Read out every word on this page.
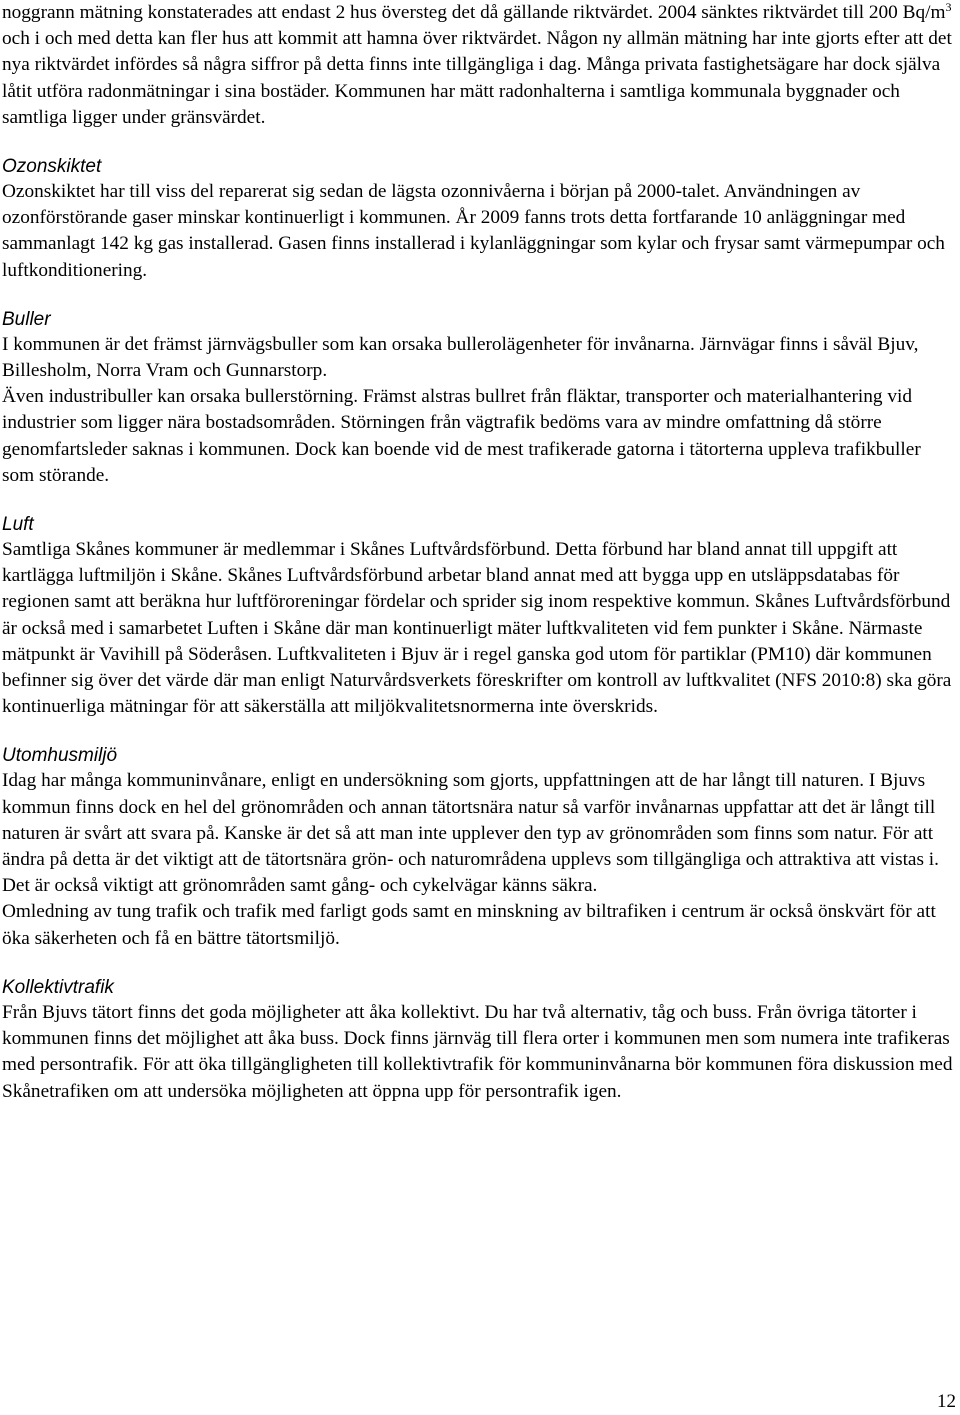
noggrann mätning konstaterades att endast 2 hus översteg det då gällande riktvärdet. 2004 sänktes riktvärdet till 200 $Bq/m^3$ och i och med detta kan fler hus att kommit att hamna över riktvärdet. Någon ny allmän mätning har inte gjorts efter att det nya riktvärdet infördes så några siffror på detta finns inte tillgängliga i dag. Många privata fastighetsägare har dock själva låtit utföra radonmätningar i sina bostäder. Kommunen har mätt radonhalterna i samtliga kommunala byggnader och samtliga ligger under gränsvärdet.

Ozonskiktet

Ozonskiktet har till viss del reparerat sig sedan de lägsta ozonnivåerna i början på 2000-talet. Användningen av ozonförstörande gaser minskar kontinuerligt i kommunen. År 2009 fanns trots detta fortfarande 10 anläggningar med sammanlagt 142 kg gas installerad. Gasen finns installerad i kylanläggningar som kylar och frysar samt värmepumpar och luftkonditionering.

Buller

I kommunen är det främst järnvägsbuller som kan orsaka bullerolägenheter för invånarna. Järnvägar finns i såväl Bjuv, Billesholm, Norra Vram och Gunnarstorp.

Även industribuller kan orsaka bullerstörning. Främst alstras bullret från fläktar, transporter och materialhantering vid industrier som ligger nära bostadsområden. Störningen från vägtrafik bedöms vara av mindre omfattning då större genomfartsleder saknas i kommunen. Dock kan boende vid de mest trafikerade gatorna i tätorterna uppleva trafikbuller som störande.

Luft

Samtliga Skånes kommuner är medlemmar i Skånes Luftvårdsförbund. Detta förbund har bland annat till uppgift att kartlägga luftmiljön i Skåne. Skånes Luftvårdsförbund arbetar bland annat med att bygga upp en utsläppsdatabas för regionen samt att beräkna hur luftföroreningar fördelar och sprider sig inom respektive kommun. Skånes Luftvårdsförbund är också med i samarbetet Luften i Skåne där man kontinuerligt mäter luftkvaliteten vid fem punkter i Skåne. Närmaste mätpunkt är Vavihill på Söderåsen. Luftkvaliteten i Bjuv är i regel ganska god utom för partiklar (PM10) där kommunen befinner sig över det värde där man enligt Naturvårdsverkets föreskrifter om kontroll av luftkvalitet (NFS 2010:8) ska göra kontinuerliga mätningar för att säkerställa att miljökvalitetsnormerna inte överskrids.

Utomhusmiljö

Idag har många kommuninvånare, enligt en undersökning som gjorts, uppfattningen att de har långt till naturen. I Bjuvs kommun finns dock en hel del grönområden och annan tätortsnära natur så varför invånarnas uppfattar att det är långt till naturen är svårt att svara på. Kanske är det så att man inte upplever den typ av grönområden som finns som natur. För att ändra på detta är det viktigt att de tätortsnära grön- och naturområdena upplevs som tillgängliga och attraktiva att vistas i. Det är också viktigt att grönområden samt gång- och cykelvägar känns säkra.

Omledning av tung trafik och trafik med farligt gods samt en minskning av biltrafiken i centrum är också önskvärt för att öka säkerheten och få en bättre tätortsmiljö.

Kollektivtrafik

Från Bjuvs tätort finns det goda möjligheter att åka kollektivt. Du har två alternativ, tåg och buss. Från övriga tätorter i kommunen finns det möjlighet att åka buss. Dock finns järnväg till flera orter i kommunen men som numera inte trafikeras med persontrafik. För att öka tillgängligheten till kollektivtrafik för kommuninvånarna bör kommunen föra diskussion med Skånetrafiken om att undersöka möjligheten att öppna upp för persontrafik igen.

12
